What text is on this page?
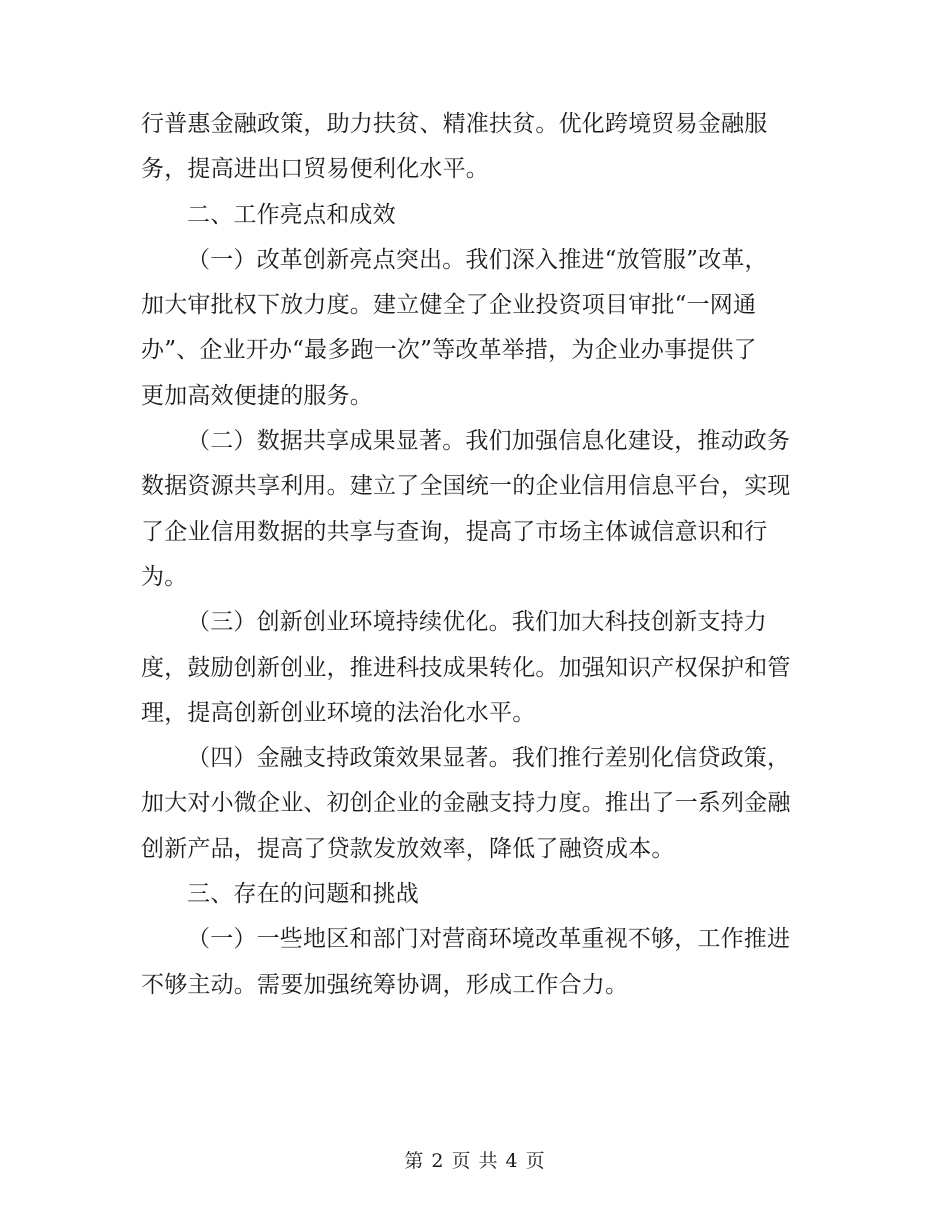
行普惠金融政策，助力扶贫、精准扶贫。优化跨境贸易金融服
务，提高进出口贸易便利化水平。
二、工作亮点和成效
（一）改革创新亮点突出。我们深入推进“放管服”改革，
加大审批权下放力度。建立健全了企业投资项目审批“一网通
办”、企业开办“最多跑一次”等改革举措，为企业办事提供了
更加高效便捷的服务。
（二）数据共享成果显著。我们加强信息化建设，推动政务
数据资源共享利用。建立了全国统一的企业信用信息平台，实现
了企业信用数据的共享与查询，提高了市场主体诚信意识和行
为。
（三）创新创业环境持续优化。我们加大科技创新支持力
度，鼓励创新创业，推进科技成果转化。加强知识产权保护和管
理，提高创新创业环境的法治化水平。
（四）金融支持政策效果显著。我们推行差别化信贷政策，
加大对小微企业、初创企业的金融支持力度。推出了一系列金融
创新产品，提高了贷款发放效率，降低了融资成本。
三、存在的问题和挑战
（一）一些地区和部门对营商环境改革重视不够，工作推进
不够主动。需要加强统筹协调，形成工作合力。
第 2 页 共 4 页
